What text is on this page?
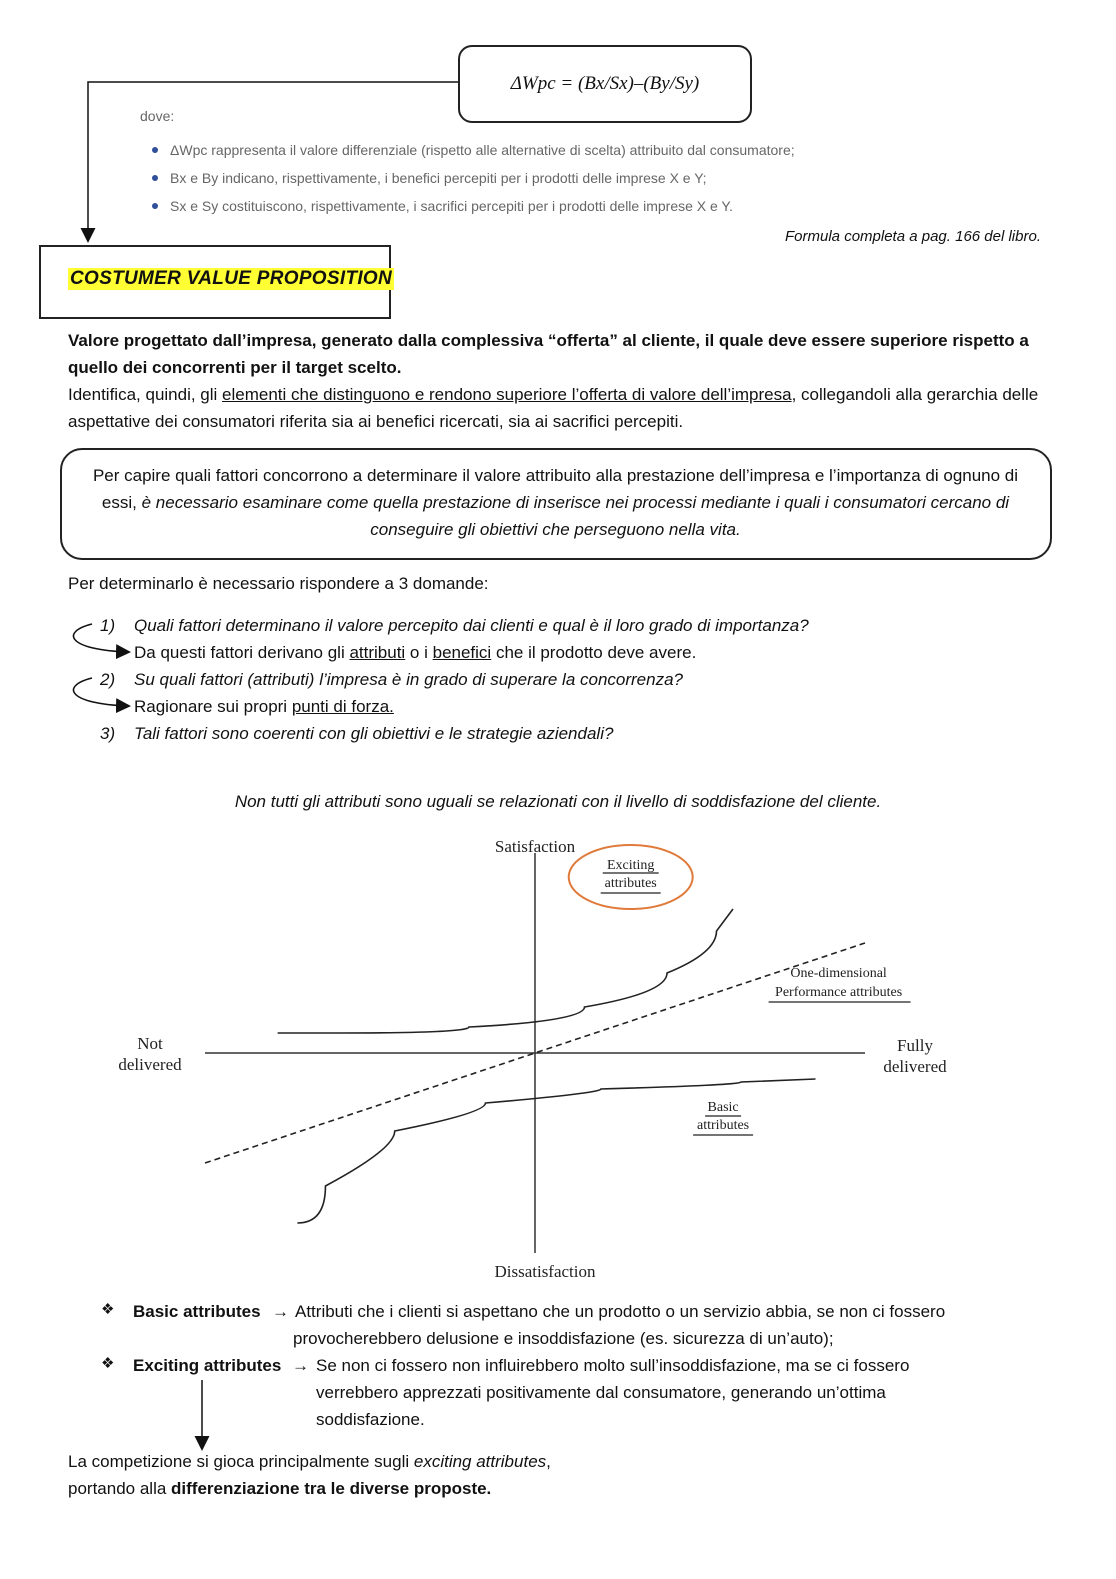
ΔWpc = (Bx/Sx)–(By/Sy)
dove:
ΔWpc rappresenta il valore differenziale (rispetto alle alternative di scelta) attribuito dal consumatore;
Bx e By indicano, rispettivamente, i benefici percepiti per i prodotti delle imprese X e Y;
Sx e Sy costituiscono, rispettivamente, i sacrifici percepiti per i prodotti delle imprese X e Y.
Formula completa a pag. 166 del libro.
COSTUMER VALUE PROPOSITION
Valore progettato dall’impresa, generato dalla complessiva “offerta” al cliente, il quale deve essere superiore rispetto a quello dei concorrenti per il target scelto.
Identifica, quindi, gli elementi che distinguono e rendono superiore l’offerta di valore dell’impresa, collegandoli alla gerarchia delle aspettative dei consumatori riferita sia ai benefici ricercati, sia ai sacrifici percepiti.
Per capire quali fattori concorrono a determinare il valore attribuito alla prestazione dell’impresa e l’importanza di ognuno di essi, è necessario esaminare come quella prestazione di inserisce nei processi mediante i quali i consumatori cercano di conseguire gli obiettivi che perseguono nella vita.
Per determinarlo è necessario rispondere a 3 domande:
1) Quali fattori determinano il valore percepito dai clienti e qual è il loro grado di importanza?
Da questi fattori derivano gli attributi o i benefici che il prodotto deve avere.
2) Su quali fattori (attributi) l’impresa è in grado di superare la concorrenza?
Ragionare sui propri punti di forza.
3) Tali fattori sono coerenti con gli obiettivi e le strategie aziendali?
Non tutti gli attributi sono uguali se relazionati con il livello di soddisfazione del cliente.
Satisfaction
Dissatisfaction
Not
delivered
Fully
delivered
Exciting
attributes
One-dimensional
Performance attributes
Basic
attributes
❖ Basic attributes → Attributi che i clienti si aspettano che un prodotto o un servizio abbia, se non ci fossero
provocherebbero delusione e insoddisfazione (es. sicurezza di un’auto);
❖ Exciting attributes → Se non ci fossero non influirebbero molto sull’insoddisfazione, ma se ci fossero
verrebbero apprezzati positivamente dal consumatore, generando un’ottima
soddisfazione.
La competizione si gioca principalmente sugli exciting attributes,
portando alla differenziazione tra le diverse proposte.
